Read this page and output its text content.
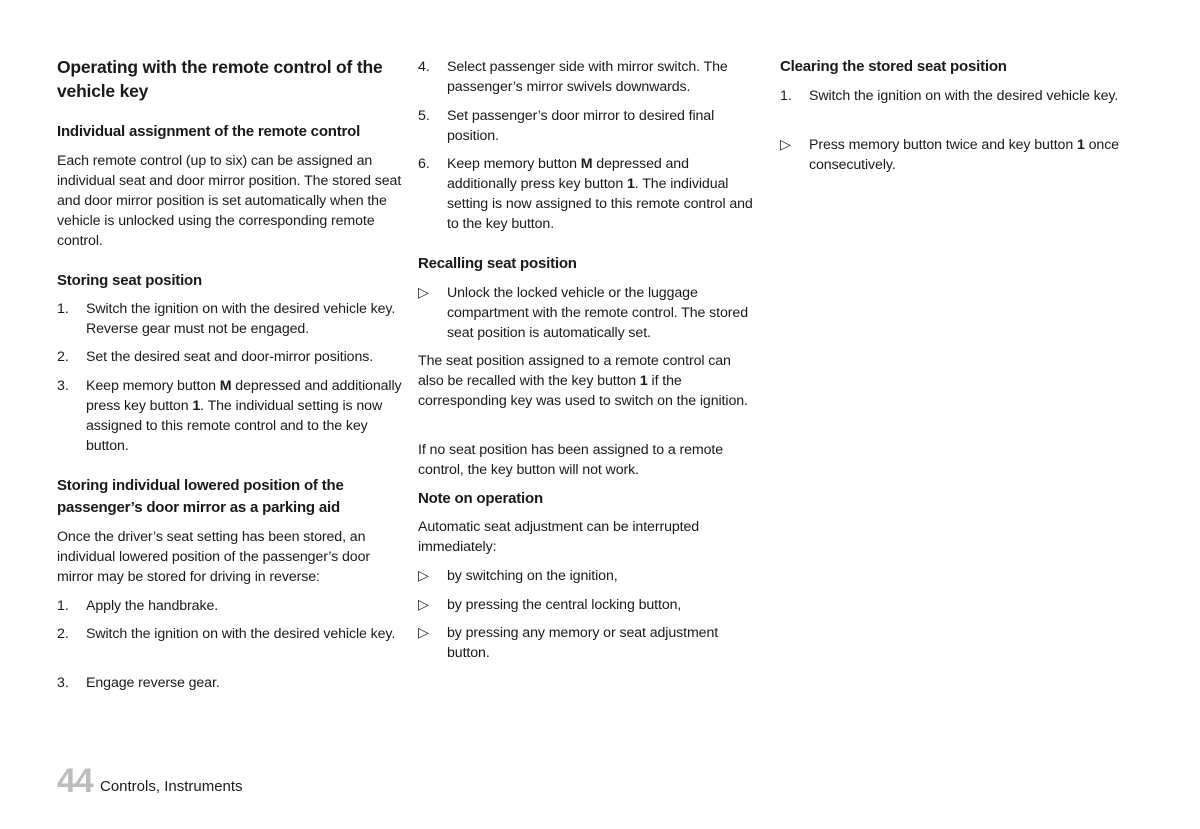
Operating with the remote control of the vehicle key
Individual assignment of the remote control

Each remote control (up to six) can be assigned an individual seat and door mirror position. The stored seat and door mirror position is set automatically when the vehicle is unlocked using the corresponding remote control.

Storing seat position
1.	Switch the ignition on with the desired vehicle key. Reverse gear must not be engaged.
2.	Set the desired seat and door-mirror positions.
3.	Keep memory button M depressed and additionally press key button 1. The individual setting is now assigned to this remote control and to the key button.
Storing individual lowered position of the passenger’s door mirror as a parking aid

Once the driver’s seat setting has been stored, an individual lowered position of the passenger’s door mirror may be stored for driving in reverse:

1.	Apply the handbrake.
2.	Switch the ignition on with the desired vehicle key.
3.	Engage reverse gear.
4.	Select passenger side with mirror switch. The passenger’s mirror swivels downwards.
5.	Set passenger’s door mirror to desired final position.
6.	Keep memory button M depressed and additionally press key button 1. The individual setting is now assigned to this remote control and to the key button.
Recalling seat position
▷	Unlock the locked vehicle or the luggage compartment with the remote control. The stored seat position is automatically set.

The seat position assigned to a remote control can also be recalled with the key button 1 if the corresponding key was used to switch on the ignition.

If no seat position has been assigned to a remote control, the key button will not work.

Note on operation

Automatic seat adjustment can be interrupted immediately:

▷	by switching on the ignition,
▷	by pressing the central locking button,
▷	by pressing any memory or seat adjustment button.
Clearing the stored seat position
1.	Switch the ignition on with the desired vehicle key.
▷	Press memory button twice and key button 1 once consecutively.
44 Controls, Instruments
